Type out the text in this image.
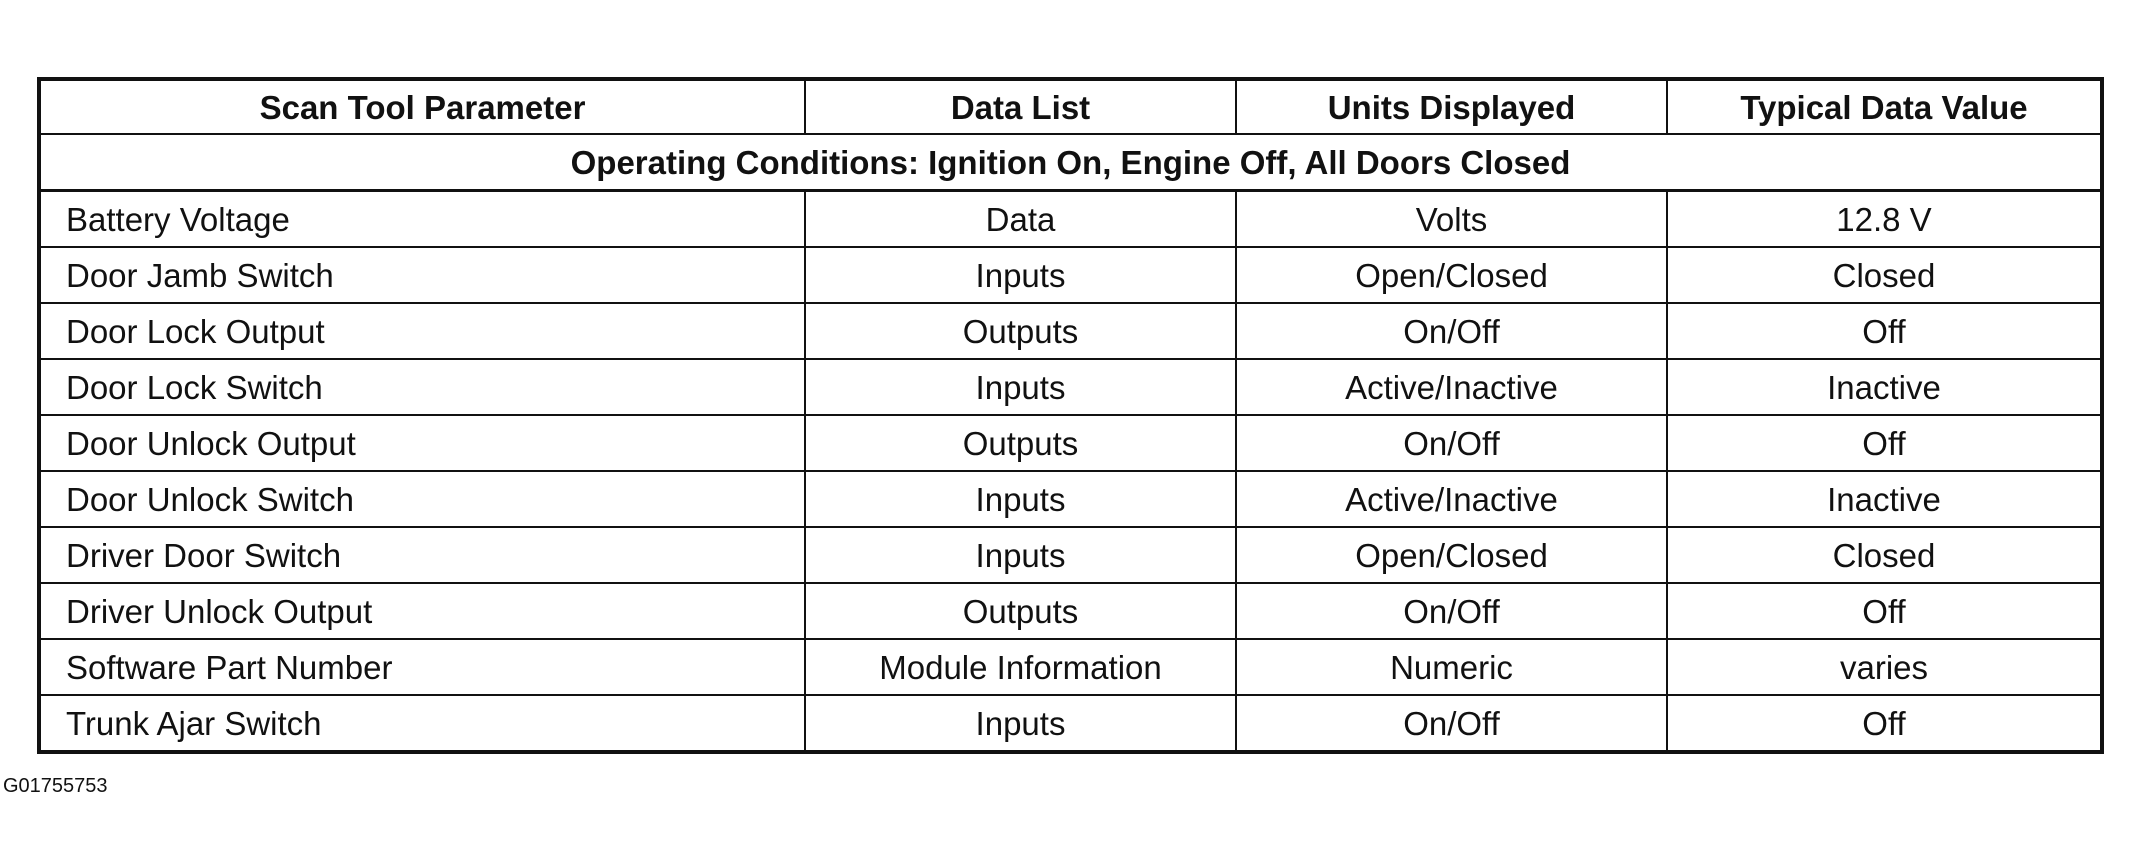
Scan Tool Parameter	Data List	Units Displayed	Typical Data Value
Operating Conditions: Ignition On, Engine Off, All Doors Closed			
Battery Voltage	Data	Volts	12.8 V
Door Jamb Switch	Inputs	Open/Closed	Closed
Door Lock Output	Outputs	On/Off	Off
Door Lock Switch	Inputs	Active/Inactive	Inactive
Door Unlock Output	Outputs	On/Off	Off
Door Unlock Switch	Inputs	Active/Inactive	Inactive
Driver Door Switch	Inputs	Open/Closed	Closed
Driver Unlock Output	Outputs	On/Off	Off
Software Part Number	Module Information	Numeric	varies
Trunk Ajar Switch	Inputs	On/Off	Off
G01755753
